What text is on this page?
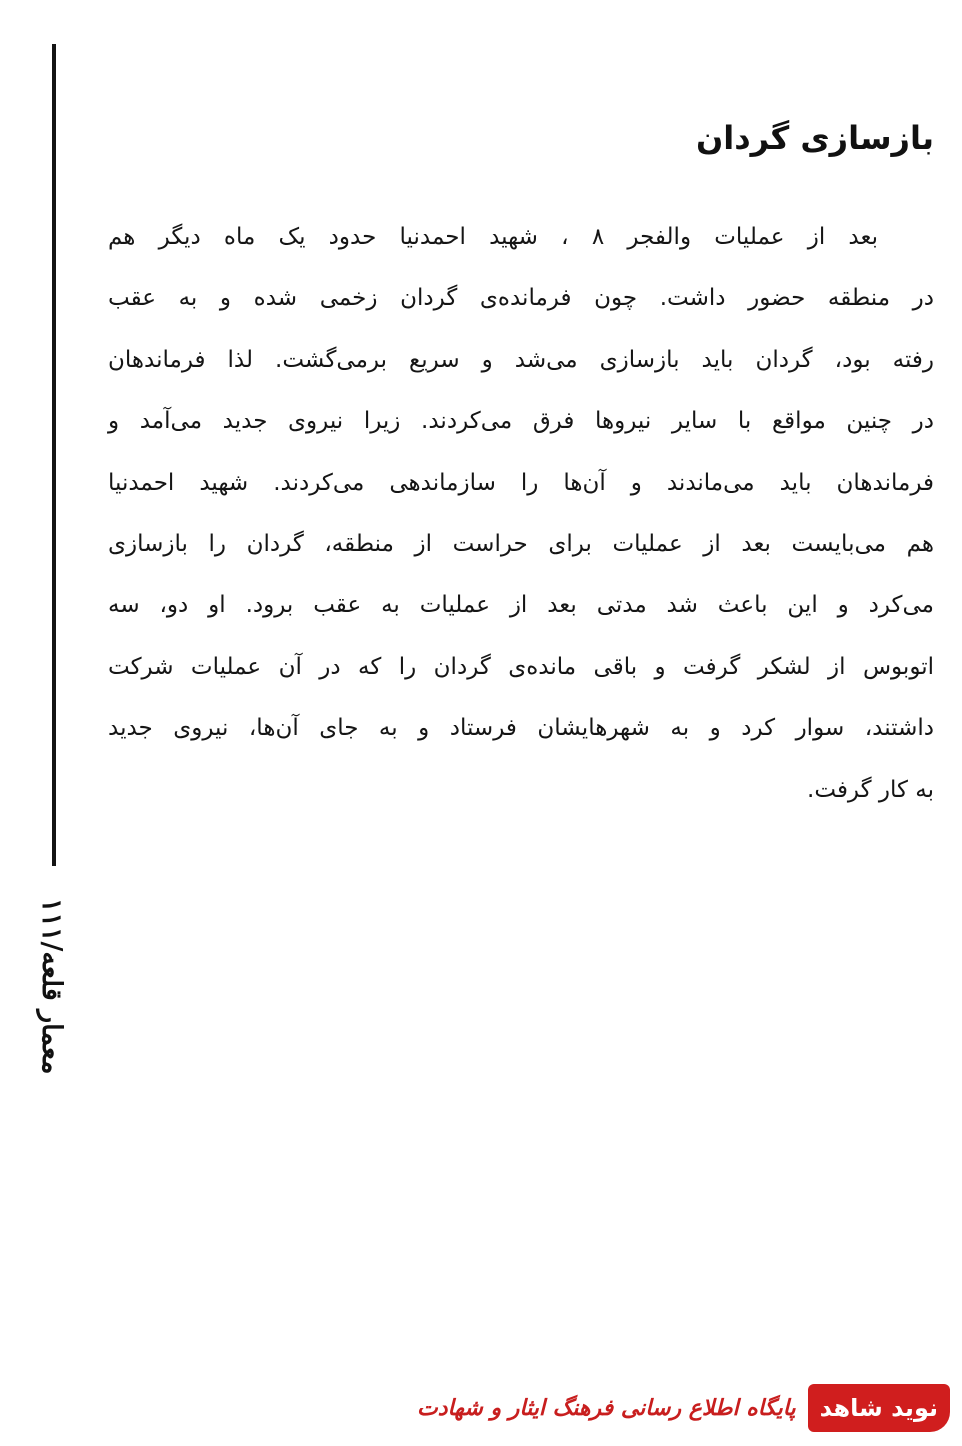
معمار قلعه/۱۱۱
بازسازی گردان
بعد از عملیات والفجر ۸ ، شهید احمدنیا حدود یک ماه دیگر هم
در منطقه حضور داشت. چون فرمانده‌ی گردان زخمی شده و به عقب
رفته بود، گردان باید بازسازی می‌شد و سریع برمی‌گشت. لذا فرماندهان
در چنین مواقع با سایر نیروها فرق می‌کردند. زیرا نیروی جدید می‌آمد و
فرماندهان باید می‌ماندند و آن‌ها را سازماندهی می‌کردند. شهید احمدنیا
هم می‌بایست بعد از عملیات برای حراست از منطقه، گردان را بازسازی
می‌کرد و این باعث شد مدتی بعد از عملیات به عقب برود. او دو، سه
اتوبوس از لشکر گرفت و باقی مانده‌ی گردان را که در آن عملیات شرکت
داشتند، سوار کرد و به شهرهایشان فرستاد و به جای آن‌ها، نیروی جدید
به کار گرفت.
نوید شاهد
پایگاه اطلاع رسانی فرهنگ ایثار و شهادت
